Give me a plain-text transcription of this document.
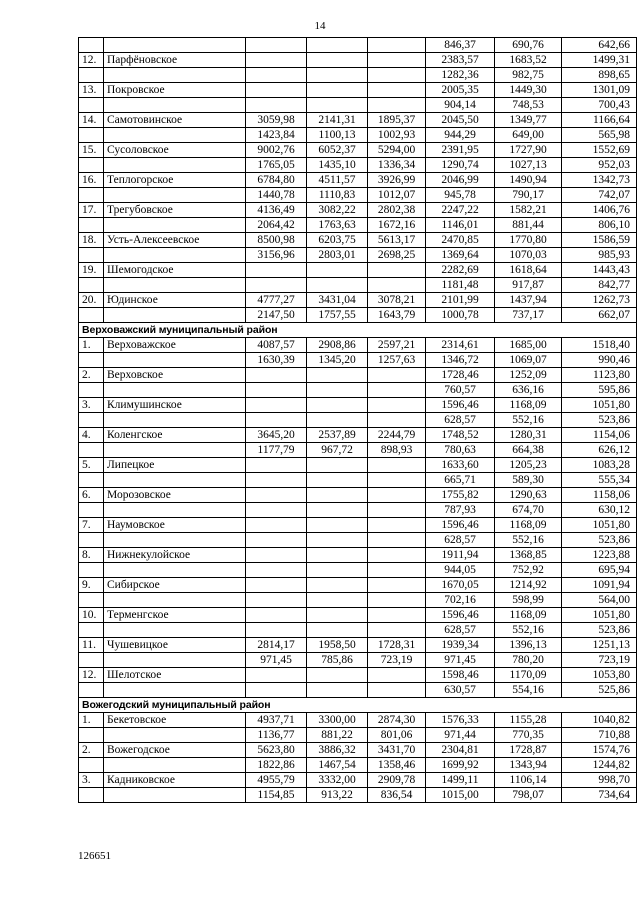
14
					846,37	690,76	642,66
12.	Парфёновское				2383,57	1683,52	1499,31
					1282,36	982,75	898,65
13.	Покровское				2005,35	1449,30	1301,09
					904,14	748,53	700,43
14.	Самотовинское	3059,98	2141,31	1895,37	2045,50	1349,77	1166,64
		1423,84	1100,13	1002,93	944,29	649,00	565,98
15.	Сусоловское	9002,76	6052,37	5294,00	2391,95	1727,90	1552,69
		1765,05	1435,10	1336,34	1290,74	1027,13	952,03
16.	Теплогорское	6784,80	4511,57	3926,99	2046,99	1490,94	1342,73
		1440,78	1110,83	1012,07	945,78	790,17	742,07
17.	Трегубовское	4136,49	3082,22	2802,38	2247,22	1582,21	1406,76
		2064,42	1763,63	1672,16	1146,01	881,44	806,10
18.	Усть-Алексеевское	8500,98	6203,75	5613,17	2470,85	1770,80	1586,59
		3156,96	2803,01	2698,25	1369,64	1070,03	985,93
19.	Шемогодское				2282,69	1618,64	1443,43
					1181,48	917,87	842,77
20.	Юдинское	4777,27	3431,04	3078,21	2101,99	1437,94	1262,73
		2147,50	1757,55	1643,79	1000,78	737,17	662,07
Верховажский муниципальный район							
1.	Верховажское	4087,57	2908,86	2597,21	2314,61	1685,00	1518,40
		1630,39	1345,20	1257,63	1346,72	1069,07	990,46
2.	Верховское				1728,46	1252,09	1123,80
					760,57	636,16	595,86
3.	Климушинское				1596,46	1168,09	1051,80
					628,57	552,16	523,86
4.	Коленгское	3645,20	2537,89	2244,79	1748,52	1280,31	1154,06
		1177,79	967,72	898,93	780,63	664,38	626,12
5.	Липецкое				1633,60	1205,23	1083,28
					665,71	589,30	555,34
6.	Морозовское				1755,82	1290,63	1158,06
					787,93	674,70	630,12
7.	Наумовское				1596,46	1168,09	1051,80
					628,57	552,16	523,86
8.	Нижнекулойское				1911,94	1368,85	1223,88
					944,05	752,92	695,94
9.	Сибирское				1670,05	1214,92	1091,94
					702,16	598,99	564,00
10.	Терменгское				1596,46	1168,09	1051,80
					628,57	552,16	523,86
11.	Чушевицкое	2814,17	1958,50	1728,31	1939,34	1396,13	1251,13
		971,45	785,86	723,19	971,45	780,20	723,19
12.	Шелотское				1598,46	1170,09	1053,80
					630,57	554,16	525,86
Вожегодский муниципальный район							
1.	Бекетовское	4937,71	3300,00	2874,30	1576,33	1155,28	1040,82
		1136,77	881,22	801,06	971,44	770,35	710,88
2.	Вожегодское	5623,80	3886,32	3431,70	2304,81	1728,87	1574,76
		1822,86	1467,54	1358,46	1699,92	1343,94	1244,82
3.	Кадниковское	4955,79	3332,00	2909,78	1499,11	1106,14	998,70
		1154,85	913,22	836,54	1015,00	798,07	734,64
126651
